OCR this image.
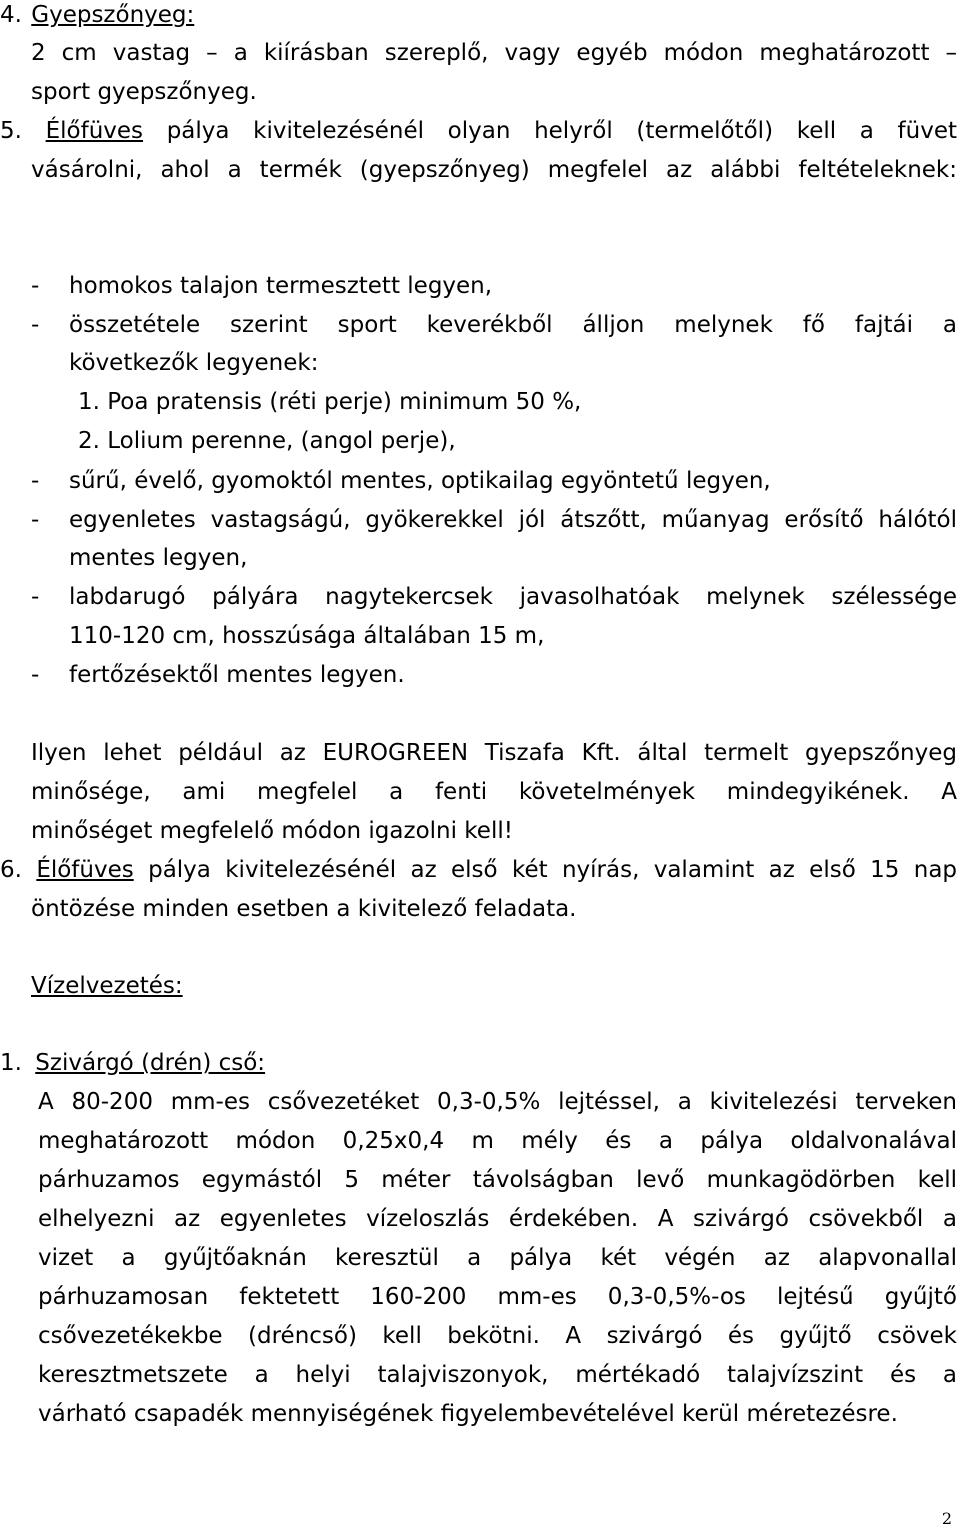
4. Gyepszőnyeg:
2 cm vastag – a kiírásban szereplő, vagy egyéb módon meghatározott –
sport gyepszőnyeg.
5. Élőfüves pálya kivitelezésénél olyan helyről (termelőtől) kell a füvet
vásárolni, ahol a termék (gyepszőnyeg) megfelel az alábbi feltételeknek:
- homokos talajon termesztett legyen,
- összetétele szerint sport keverékből álljon melynek fő fajtái a
következők legyenek:
1. Poa pratensis (réti perje) minimum 50 %,
2. Lolium perenne, (angol perje),
- sűrű, évelő, gyomoktól mentes, optikailag egyöntetű legyen,
- egyenletes vastagságú, gyökerekkel jól átszőtt, műanyag erősítő hálótól
mentes legyen,
- labdarugó pályára nagytekercsek javasolhatóak melynek szélessége
110-120 cm, hosszúsága általában 15 m,
- fertőzésektől mentes legyen.
Ilyen lehet például az EUROGREEN Tiszafa Kft. által termelt gyepszőnyeg
minősége, ami megfelel a fenti követelmények mindegyikének. A
minőséget megfelelő módon igazolni kell!
6. Élőfüves pálya kivitelezésénél az első két nyírás, valamint az első 15 nap
öntözése minden esetben a kivitelező feladata.
Vízelvezetés:
1. Szivárgó (drén) cső:
A 80-200 mm-es csővezetéket 0,3-0,5% lejtéssel, a kivitelezési terveken
meghatározott módon 0,25x0,4 m mély és a pálya oldalvonalával
párhuzamos egymástól 5 méter távolságban levő munkagödörben kell
elhelyezni az egyenletes vízeloszlás érdekében. A szivárgó csövekből a
vizet a gyűjtőaknán keresztül a pálya két végén az alapvonallal
párhuzamosan fektetett 160-200 mm-es 0,3-0,5%-os lejtésű gyűjtő
csővezetékekbe (dréncső) kell bekötni. A szivárgó és gyűjtő csövek
keresztmetszete a helyi talajviszonyok, mértékadó talajvízszint és a
várható csapadék mennyiségének figyelembevételével kerül méretezésre.
2
